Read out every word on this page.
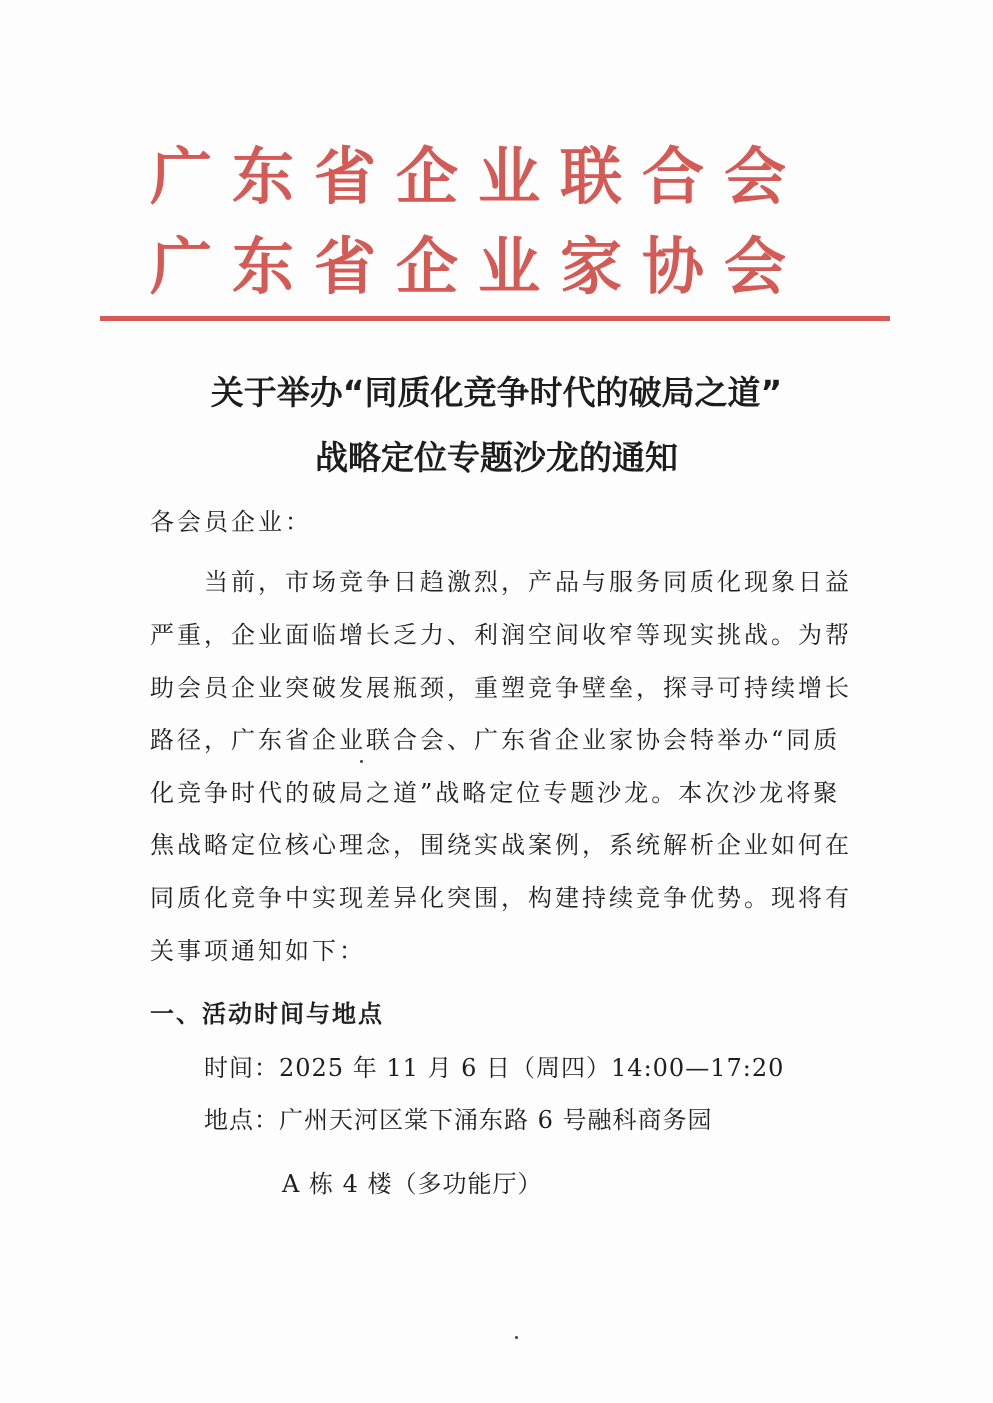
广东省企业联合会
广东省企业家协会
关于举办“同质化竞争时代的破局之道”
战略定位专题沙龙的通知
各会员企业：
当前，市场竞争日趋激烈，产品与服务同质化现象日益
严重，企业面临增长乏力、利润空间收窄等现实挑战。为帮
助会员企业突破发展瓶颈，重塑竞争壁垒，探寻可持续增长
路径，广东省企业联合会、广东省企业家协会特举办“同质
化竞争时代的破局之道”战略定位专题沙龙。本次沙龙将聚
焦战略定位核心理念，围绕实战案例，系统解析企业如何在
同质化竞争中实现差异化突围，构建持续竞争优势。现将有
关事项通知如下：
一、活动时间与地点
时间：2025 年 11 月 6 日（周四）14:00—17:20
地点：广州天河区棠下涌东路 6 号融科商务园
A 栋 4 楼（多功能厅）
